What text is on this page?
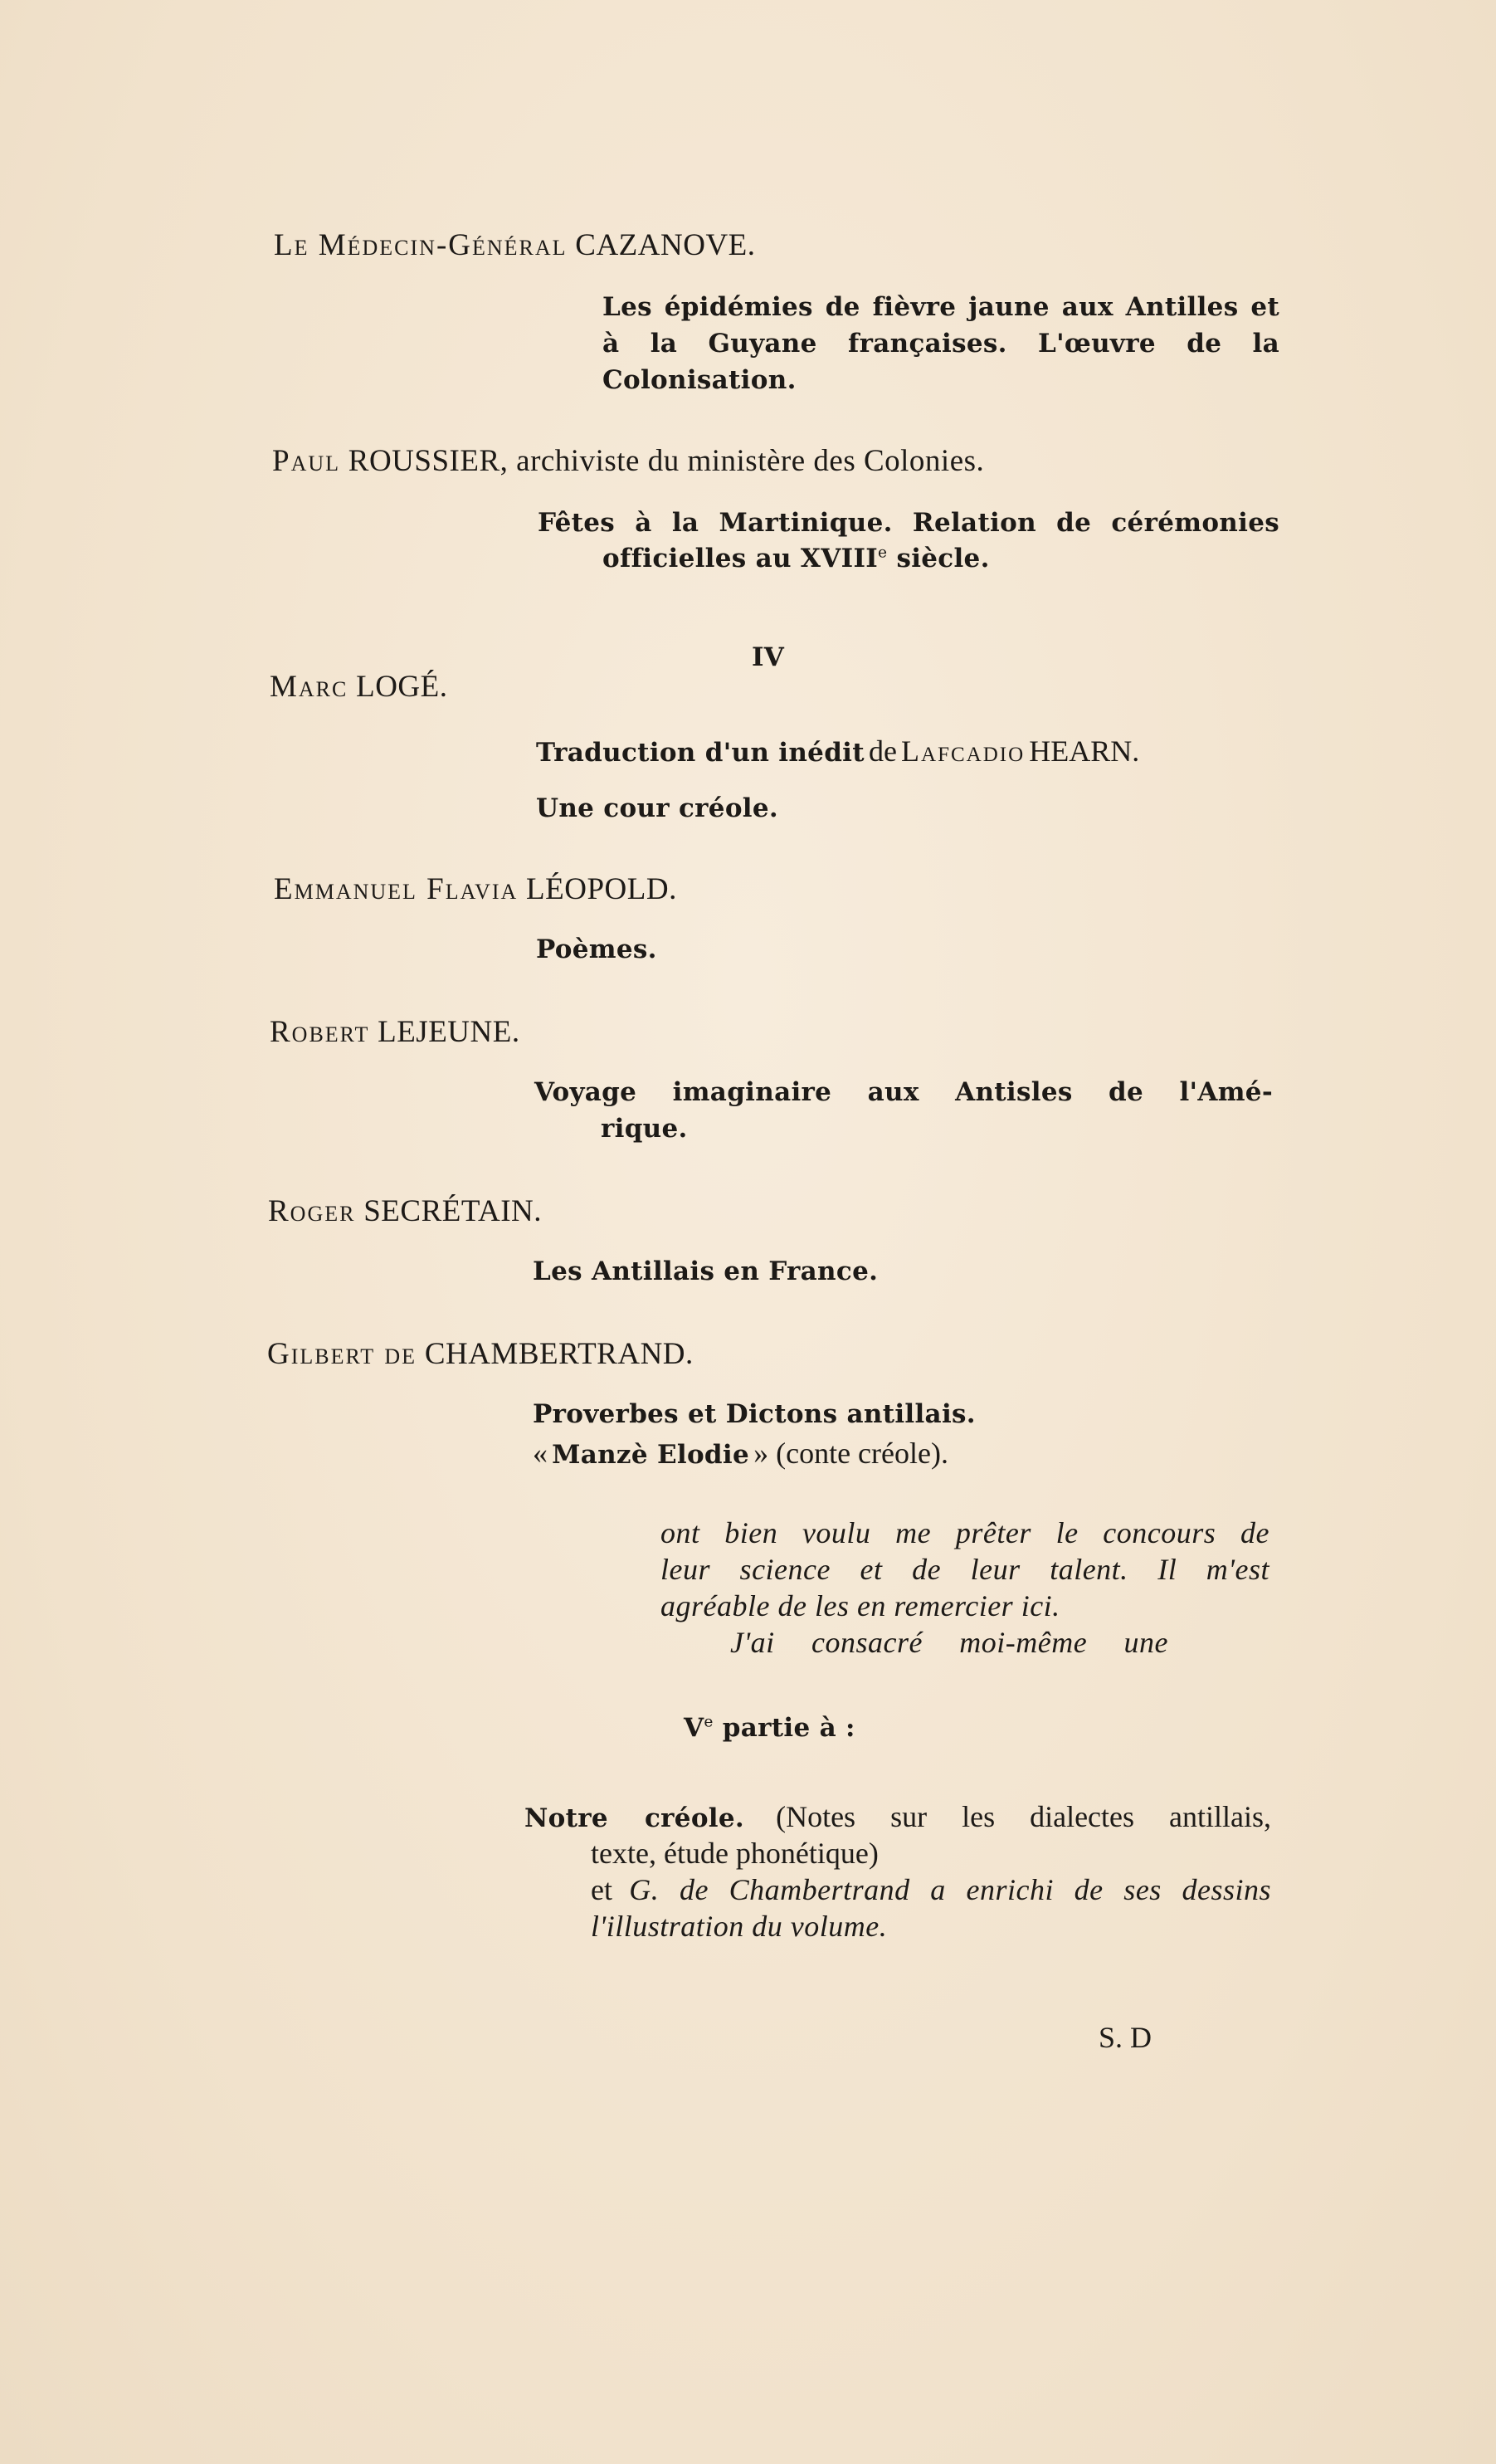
Le Médecin-Général CAZANOVE.
Les épidémies de fièvre jaune aux Antilles et
à la Guyane françaises. L'œuvre de la
Colonisation.
Paul ROUSSIER, archiviste du ministère des Colonies.
Fêtes à la Martinique. Relation de cérémonies
officielles au XVIIIe siècle.
IV
Marc LOGÉ.
Traduction d'un inédit de Lafcadio HEARN.
Une cour créole.
Emmanuel Flavia LÉOPOLD.
Poèmes.
Robert LEJEUNE.
Voyage imaginaire aux Antisles de l'Amé-
rique.
Roger SECRÉTAIN.
Les Antillais en France.
Gilbert de CHAMBERTRAND.
Proverbes et Dictons antillais.
« Manzè Elodie » (conte créole).
ont bien voulu me prêter le concours de
leur science et de leur talent. Il m'est
agréable de les en remercier ici.
J'ai consacré moi-même une
Ve partie à :
Notre créole. (Notes sur les dialectes antillais,
texte, étude phonétique)
et G. de Chambertrand a enrichi de ses dessins
l'illustration du volume.
S. D
